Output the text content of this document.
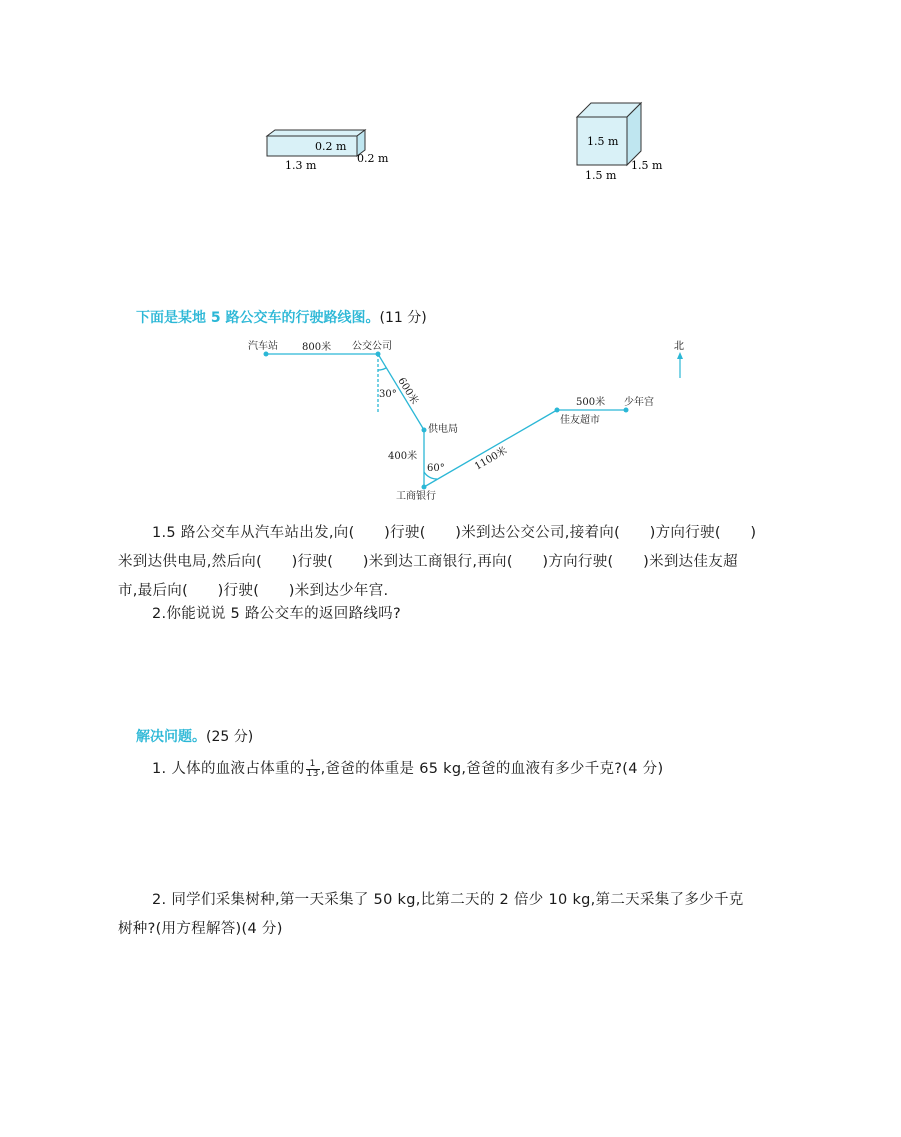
0.2 m
0.2 m
1.3 m
1.5 m
1.5 m
1.5 m
下面是某地 5 路公交车的行驶路线图。(11 分)
北
汽车站	公交公司
供电局
工商银行
佳友超市
少年宫
800米
600米
400米	1100米
500米
30°
60°
1.5 路公交车从汽车站出发,向(　　)行驶(　　)米到达公交公司,接着向(　　)方向行驶(　　)
米到达供电局,然后向(　　)行驶(　　)米到达工商银行,再向(　　)方向行驶(　　)米到达佳友超
市,最后向(　　)行驶(　　)米到达少年宫.
2.你能说说 5 路公交车的返回路线吗?
解决问题。(25 分)
1. 人体的血液占体重的 $\frac{1}{13}$ ,爸爸的体重是 65 kg,爸爸的血液有多少千克?(4 分)
2. 同学们采集树种,第一天采集了 50 kg,比第二天的 2 倍少 10 kg,第二天采集了多少千克
树种?(用方程解答)(4 分)
